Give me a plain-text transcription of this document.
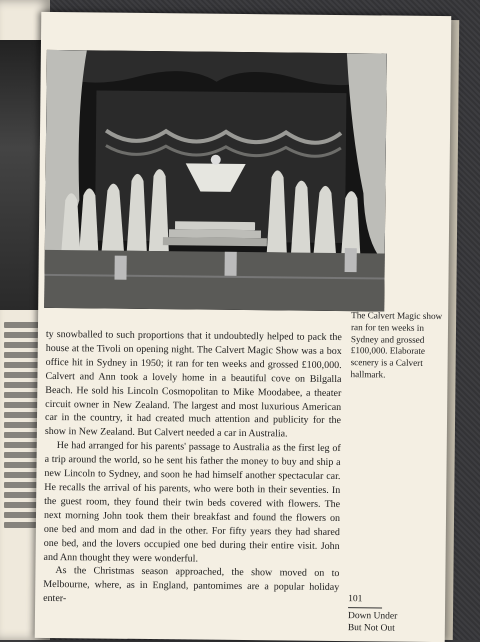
The Calvert Magic show ran for ten weeks in Sydney and grossed £100,000. Elaborate scenery is a Calvert hallmark.

ty snowballed to such proportions that it undoubtedly helped to pack the house at the Tivoli on opening night. The Calvert Magic Show was a box office hit in Sydney in 1950; it ran for ten weeks and grossed £100,000. Calvert and Ann took a lovely home in a beautiful cove on Bilgalla Beach. He sold his Lincoln Cosmopolitan to Mike Moodabee, a theater circuit owner in New Zealand. The largest and most luxurious American car in the country, it had created much attention and publicity for the show in New Zealand. But Calvert needed a car in Australia.

He had arranged for his parents' passage to Australia as the first leg of a trip around the world, so he sent his father the money to buy and ship a new Lincoln to Sydney, and soon he had himself another spectacular car. He recalls the arrival of his parents, who were both in their seventies. In the guest room, they found their twin beds covered with flowers. The next morning John took them their breakfast and found the flowers on one bed and mom and dad in the other. For fifty years they had shared one bed, and the lovers occupied one bed during their entire visit. John and Ann thought they were wonderful.

As the Christmas season approached, the show moved on to Melbourne, where, as in England, pantomimes are a popular holiday enter-	101
Down Under
But Not Out
